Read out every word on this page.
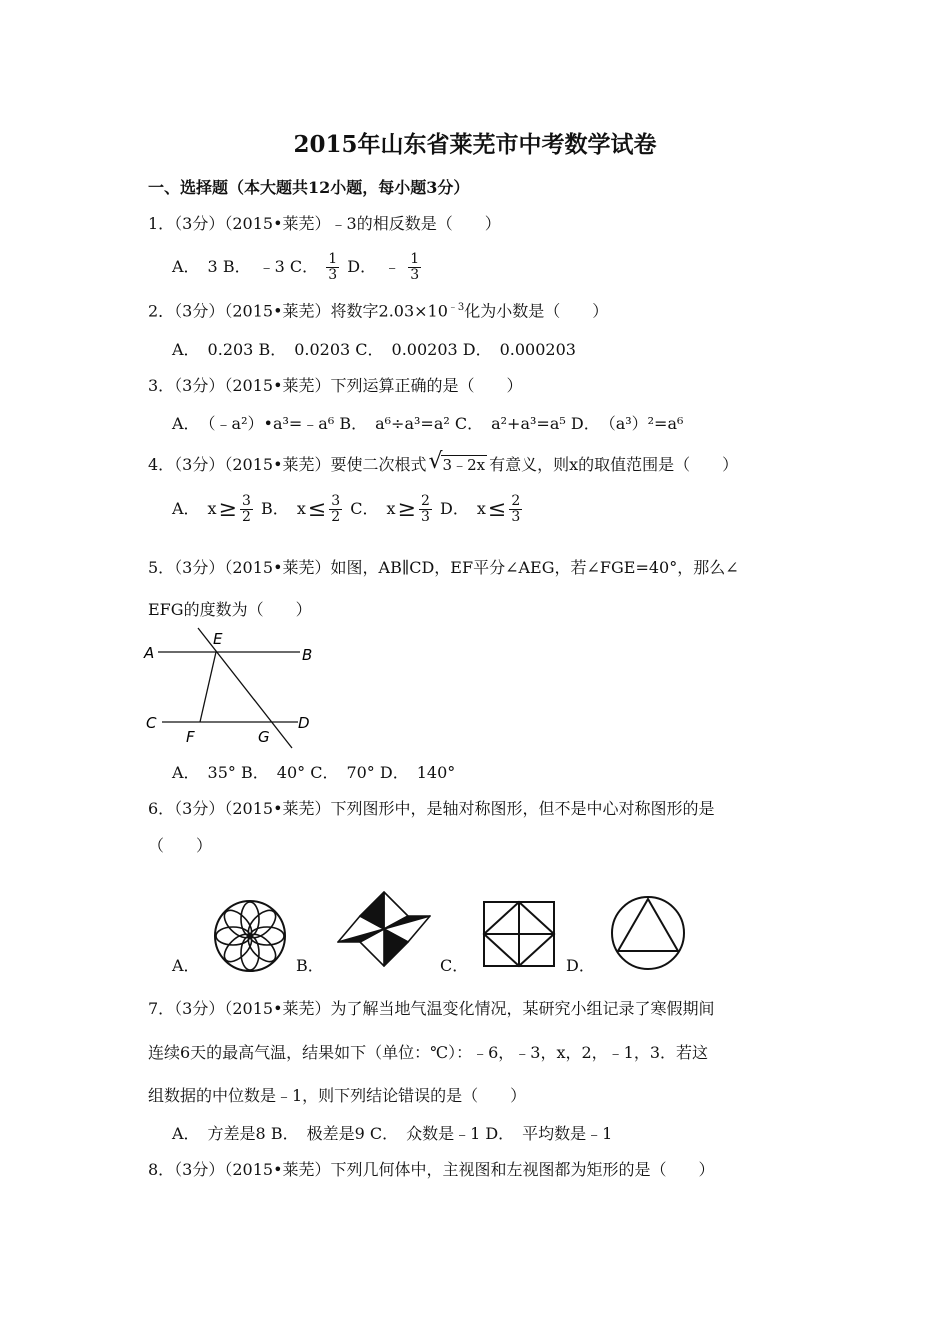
2015年山东省莱芜市中考数学试卷
一、选择题（本大题共12小题，每小题3分）
1．（3分）（2015•莱芜）﹣3的相反数是（　　）
A．　3 B．　﹣3 C． $\frac{1}{3}$ D．　﹣ $\frac{1}{3}$
2．（3分）（2015•莱芜）将数字$2.03\times 10^{﹣3}$化为小数是（　　）
A．　0.203 B．　0.0203 C．　0.00203 D．　0.000203
3．（3分）（2015•莱芜）下列运算正确的是（　　）
A．　（﹣a²）•a³=﹣a⁶ B．　a⁶÷a³=a² C．　a²+a³=a⁵ D．　（a³）²=a⁶
4．（3分）（2015•莱芜）要使二次根式 √ 3﹣2x 有意义，则x的取值范围是（　　）
A．　$x\ge \frac{3}{2}$ B．　$x\le \frac{3}{2}$ C．　$x\ge \frac{2}{3}$ D．　$x\le \frac{2}{3}$
5．（3分）（2015•莱芜）如图，AB∥CD，EF平分∠AEG，若∠FGE=40°，那么∠
EFG的度数为（　　）
A	B
E
C	D
F	G
A．　35° B．　40° C．　70° D．　140°
6．（3分）（2015•莱芜）下列图形中，是轴对称图形，但不是中心对称图形的是
（　　）
A．	B．	C．	D．
7．（3分）（2015•莱芜）为了解当地气温变化情况，某研究小组记录了寒假期间
连续6天的最高气温，结果如下（单位：℃）：﹣6，﹣3，x，2，﹣1，3．若这
组数据的中位数是﹣1，则下列结论错误的是（　　）
A．　方差是8 B．　极差是9 C．　众数是﹣1 D．　平均数是﹣1
8．（3分）（2015•莱芜）下列几何体中，主视图和左视图都为矩形的是（　　）
